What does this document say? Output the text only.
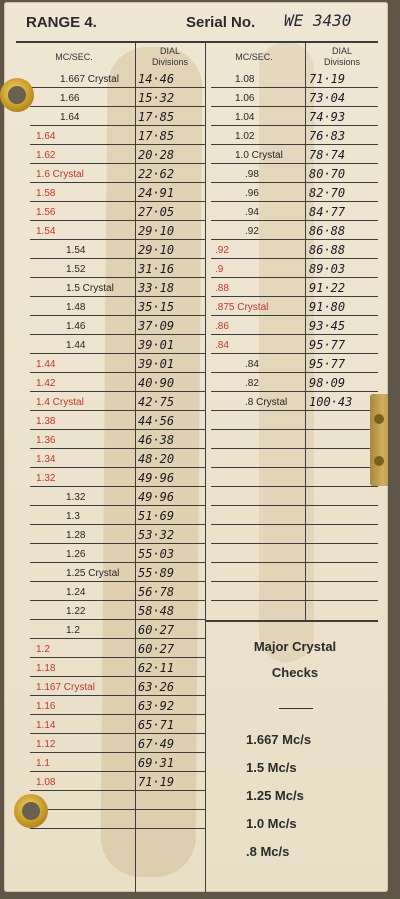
RANGE 4.	Serial No. WE 3430
MC/SEC.
DIAL
Divisions	MC/SEC.
DIAL
Divisions
1.667 Crystal 14·46
1.66	15·32
1.64	17·85
1.64	17·85
1.62	20·28
1.6 Crystal	22·62
1.58	24·91
1.56	27·05
1.54	29·10
1.54	29·10
1.52	31·16
1.5 Crystal 33·18
1.48	35·15
1.46	37·09
1.44	39·01
1.44	39·01
1.42	40·90
1.4 Crystal	42·75
1.38	44·56
1.36	46·38
1.34	48·20
1.32	49·96
1.32	49·96
1.3	51·69
1.28	53·32
1.26	55·03
1.25 Crystal 55·89
1.24	56·78
1.22	58·48
1.2	60·27
1.2	60·27
1.18	62·11
1.167 Crystal	63·26
1.16	63·92
1.14	65·71
1.12	67·49
1.1	69·31
1.08	71·19
1.08	71·19
1.06	73·04
1.04	74·93
1.02	76·83
1.0 Crystal 78·74
.98	80·70
.96	82·70
.94	84·77
.92	86·88
.92	86·88
.9	89·03
.88	91·22
.875 Crystal	91·80
.86	93·45
.84	95·77
.84	95·77
.82	98·09
.8 Crystal 100·43
Major Crystal
Checks
1.667 Mc/s
1.5 Mc/s
1.25 Mc/s
1.0 Mc/s
.8 Mc/s
